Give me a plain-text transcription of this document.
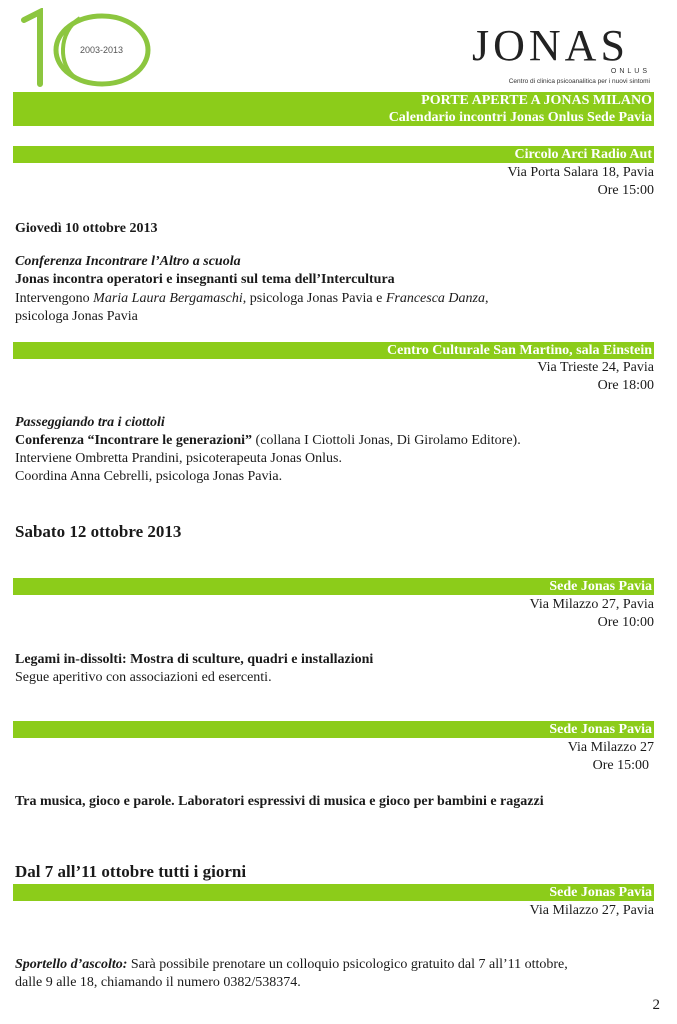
2003-2013	JONAS
ONLUS
Centro di clinica psicoanalitica per i nuovi sintomi
PORTE APERTE A JONAS MILANO
Calendario incontri Jonas Onlus Sede Pavia
Circolo Arci Radio Aut
Via Porta Salara 18, Pavia
Ore 15:00
Giovedì 10 ottobre 2013
Conferenza Incontrare l’Altro a scuola
Jonas incontra operatori e insegnanti sul tema dell’Intercultura
Intervengono Maria Laura Bergamaschi, psicologa Jonas Pavia e Francesca Danza,
psicologa Jonas Pavia
Centro Culturale San Martino, sala Einstein
Via Trieste 24, Pavia
Ore 18:00
Passeggiando tra i ciottoli
Conferenza “Incontrare le generazioni” (collana I Ciottoli Jonas, Di Girolamo Editore).
Interviene Ombretta Prandini, psicoterapeuta Jonas Onlus.
Coordina Anna Cebrelli, psicologa Jonas Pavia.
Sabato 12 ottobre 2013
Sede Jonas Pavia
Via Milazzo 27, Pavia
Ore 10:00
Legami in-dissolti: Mostra di sculture, quadri e installazioni
Segue aperitivo con associazioni ed esercenti.
Sede Jonas Pavia
Via Milazzo 27
Ore 15:00
Tra musica, gioco e parole. Laboratori espressivi di musica e gioco per bambini e ragazzi
Dal 7 all’11 ottobre tutti i giorni
Sede Jonas Pavia
Via Milazzo 27, Pavia
Sportello d’ascolto: Sarà possibile prenotare un colloquio psicologico gratuito dal 7 all’11 ottobre,
dalle 9 alle 18, chiamando il numero 0382/538374.
2
